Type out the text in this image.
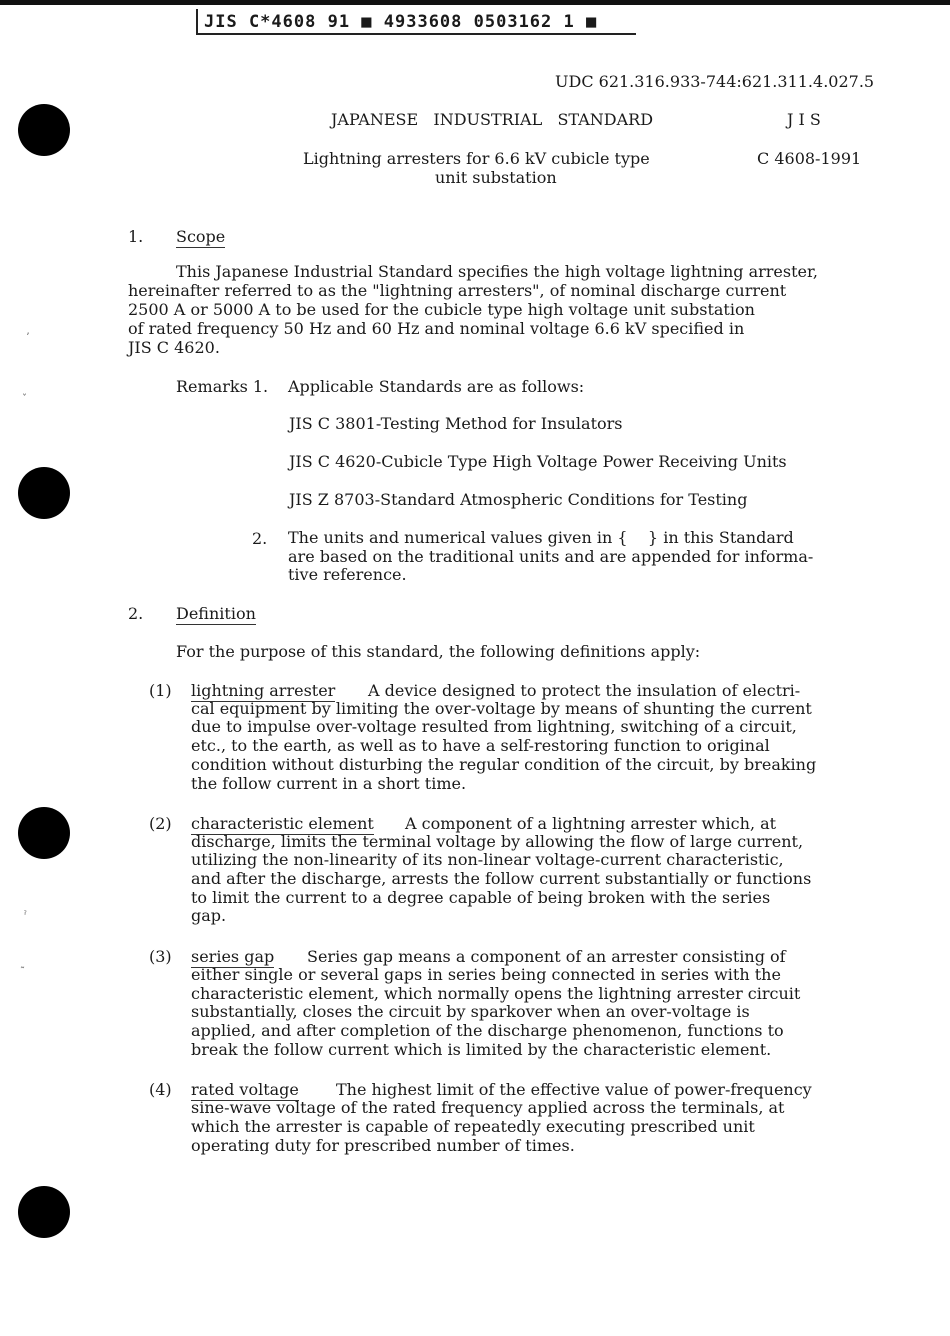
JIS C*4608 91 ■ 4933608 0503162 1 ■
ʼ
ˇ
ˀ
˷
UDC 621.316.933-744:621.311.4.027.5
JAPANESE   INDUSTRIAL   STANDARD	J I S
Lightning arresters for 6.6 kV cubicle type
unit substation
C 4608-1991
1. Scope
This Japanese Industrial Standard specifies the high voltage lightning arrester,
hereinafter referred to as the "lightning arresters", of nominal discharge current
2500 A or 5000 A to be used for the cubicle type high voltage unit substation
of rated frequency 50 Hz and 60 Hz and nominal voltage 6.6 kV specified in
JIS C 4620.
Remarks 1. Applicable Standards are as follows:
JIS C 3801-Testing Method for Insulators
JIS C 4620-Cubicle Type High Voltage Power Receiving Units
JIS Z 8703-Standard Atmospheric Conditions for Testing
2. The units and numerical values given in {    } in this Standard
are based on the traditional units and are appended for informa-
tive reference.
2. Definition
For the purpose of this standard, the following definitions apply:
(1) lightning arrester A device designed to protect the insulation of electri-
cal equipment by limiting the over-voltage by means of shunting the current
due to impulse over-voltage resulted from lightning, switching of a circuit,
etc., to the earth, as well as to have a self-restoring function to original
condition without disturbing the regular condition of the circuit, by breaking
the follow current in a short time.
(2) characteristic element A component of a lightning arrester which, at
discharge, limits the terminal voltage by allowing the flow of large current,
utilizing the non-linearity of its non-linear voltage-current characteristic,
and after the discharge, arrests the follow current substantially or functions
to limit the current to a degree capable of being broken with the series
gap.
(3) series gap Series gap means a component of an arrester consisting of
either single or several gaps in series being connected in series with the
characteristic element, which normally opens the lightning arrester circuit
substantially, closes the circuit by sparkover when an over-voltage is
applied, and after completion of the discharge phenomenon, functions to
break the follow current which is limited by the characteristic element.
(4) rated voltage The highest limit of the effective value of power-frequency
sine-wave voltage of the rated frequency applied across the terminals, at
which the arrester is capable of repeatedly executing prescribed unit
operating duty for prescribed number of times.
